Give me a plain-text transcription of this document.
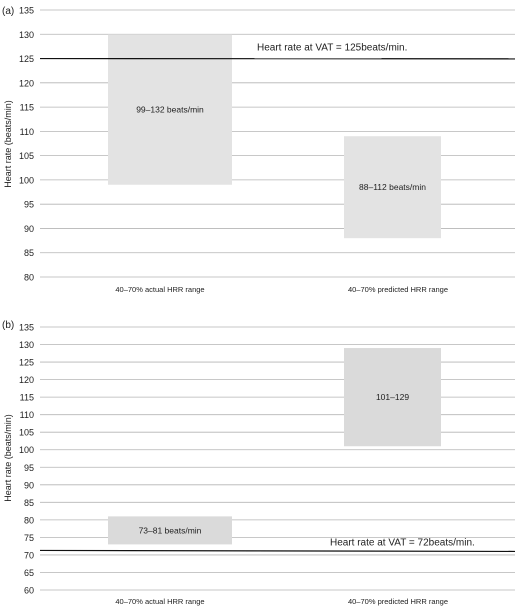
80
85
90
95
100
105
110
115
120
125
130
135
99–132 beats/min
88–112 beats/min
Heart rate at VAT = 125beats/min.
40–70% actual HRR range	40–70% predicted HRR range
Heart rate (beats/min)
(a)
60
65
70
75
80
85
90
95
100
105
110
115
120
125
130
135
73–81 beats/min
101–129
Heart rate at VAT = 72beats/min.
40–70% actual HRR range	40–70% predicted HRR range
Heart rate (beats/min)
(b)
